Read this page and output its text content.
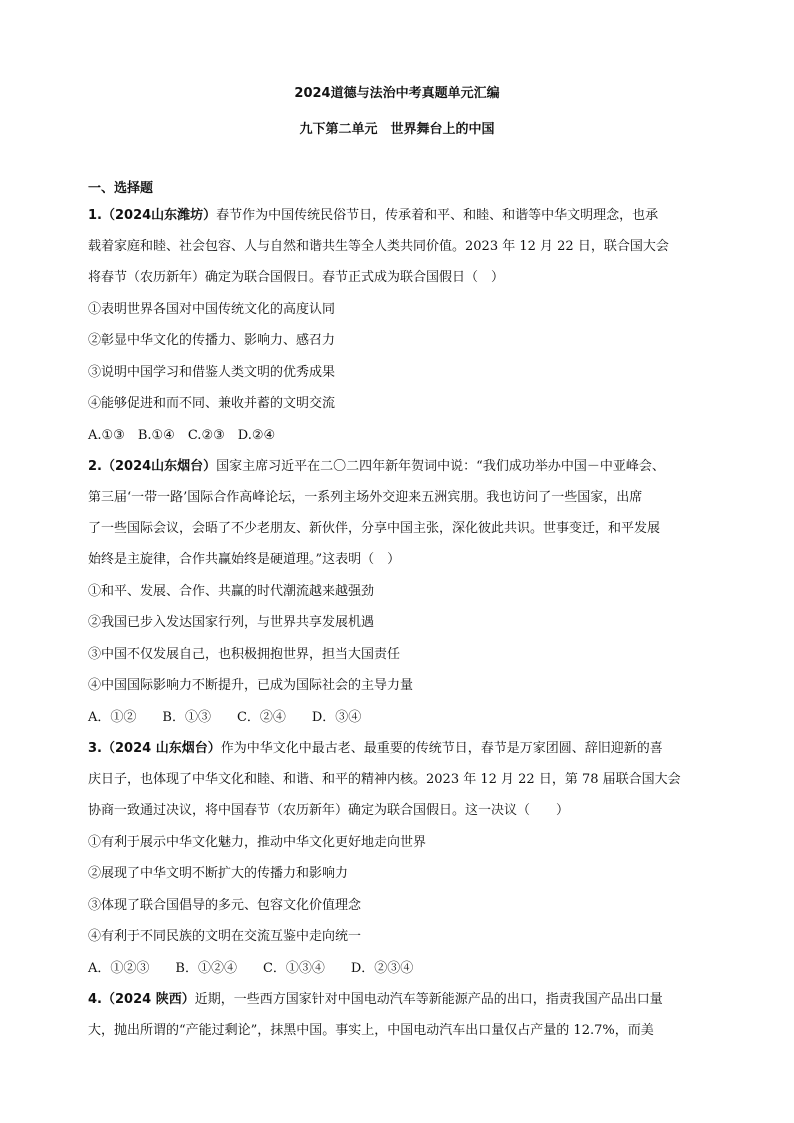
2024道德与法治中考真题单元汇编
九下第二单元　世界舞台上的中国
一、选择题
1.（2024山东潍坊）春节作为中国传统民俗节日，传承着和平、和睦、和谐等中华文明理念，也承
载着家庭和睦、社会包容、人与自然和谐共生等全人类共同价值。2023 年 12 月 22 日，联合国大会
将春节（农历新年）确定为联合国假日。春节正式成为联合国假日（　）
①表明世界各国对中国传统文化的高度认同
②彰显中华文化的传播力、影响力、感召力
③说明中国学习和借鉴人类文明的优秀成果
④能够促进和而不同、兼收并蓄的文明交流
A.①③　B.①④　C.②③　D.②④
2.（2024山东烟台）国家主席习近平在二〇二四年新年贺词中说：“我们成功举办中国－中亚峰会、
第三届‘一带一路’国际合作高峰论坛，一系列主场外交迎来五洲宾朋。我也访问了一些国家，出席
了一些国际会议，会晤了不少老朋友、新伙伴，分享中国主张，深化彼此共识。世事变迁，和平发展
始终是主旋律，合作共赢始终是硬道理。”这表明（　）
①和平、发展、合作、共赢的时代潮流越来越强劲
②我国已步入发达国家行列，与世界共享发展机遇
③中国不仅发展自己，也积极拥抱世界，担当大国责任
④中国国际影响力不断提升，已成为国际社会的主导力量
A．①②　　B．①③　　C．②④　　D．③④
3.（2024 山东烟台）作为中华文化中最古老、最重要的传统节日，春节是万家团圆、辞旧迎新的喜
庆日子，也体现了中华文化和睦、和谐、和平的精神内核。2023 年 12 月 22 日，第 78 届联合国大会
协商一致通过决议，将中国春节（农历新年）确定为联合国假日。这一决议（　　）
①有利于展示中华文化魅力，推动中华文化更好地走向世界
②展现了中华文明不断扩大的传播力和影响力
③体现了联合国倡导的多元、包容文化价值理念
④有利于不同民族的文明在交流互鉴中走向统一
A．①②③　　B．①②④　　C．①③④　　D．②③④
4.（2024 陕西）近期，一些西方国家针对中国电动汽车等新能源产品的出口，指责我国产品出口量
大，抛出所谓的“产能过剩论”，抹黑中国。事实上，中国电动汽车出口量仅占产量的 12.7%，而美
